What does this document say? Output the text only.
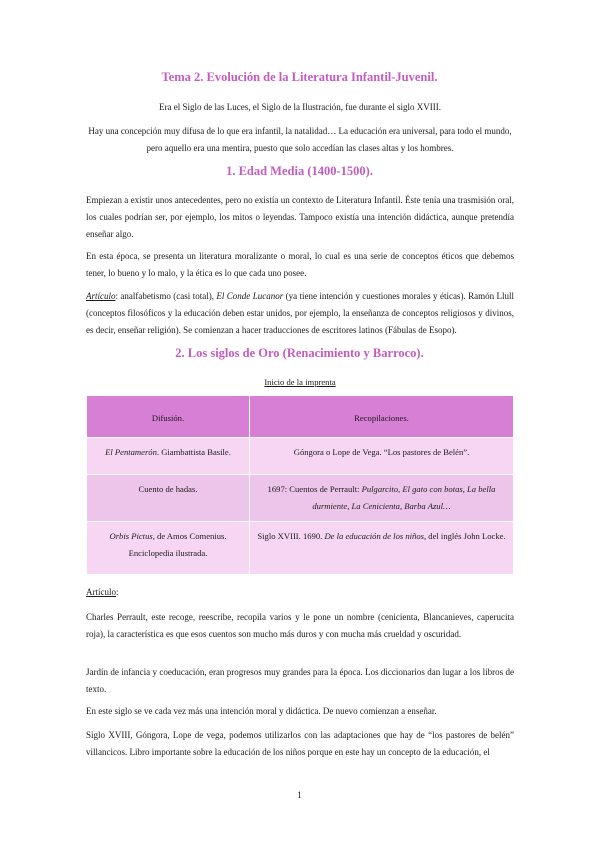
Tema 2. Evolución de la Literatura Infantil-Juvenil.
Era el Siglo de las Luces, el Siglo de la Ilustración, fue durante el siglo XVIII.
Hay una concepción muy difusa de lo que era infantil, la natalidad… La educación era universal, para todo el mundo, pero aquello era una mentira, puesto que solo accedían las clases altas y los hombres.
1. Edad Media (1400-1500).
Empiezan a existir unos antecedentes, pero no existía un contexto de Literatura Infantil. Éste tenía una trasmisión oral, los cuales podrían ser, por ejemplo, los mitos o leyendas. Tampoco existía una intención didáctica, aunque pretendía enseñar algo.
En esta época, se presenta un literatura moralizante o moral, lo cual es una serie de conceptos éticos que debemos tener, lo bueno y lo malo, y la ética es lo que cada uno posee.
Artículo: analfabetismo (casi total), El Conde Lucanor (ya tiene intención y cuestiones morales y éticas). Ramón Llull (conceptos filosóficos y la educación deben estar unidos, por ejemplo, la enseñanza de conceptos religiosos y divinos, es decir, enseñar religión). Se comienzan a hacer traducciones de escritores latinos (Fábulas de Esopo).
2. Los siglos de Oro (Renacimiento y Barroco).
Inicio de la imprenta
Difusión.	Recopilaciones.
El Pentamerón. Giambattista Basile.	Góngora o Lope de Vega. “Los pastores de Belén”.
Cuento de hadas.	1697: Cuentos de Perrault: Pulgarcito, El gato con botas, La bella durmiente, La Cenicienta, Barba Azul…
Orbis Pictus, de Amos Comenius. Enciclopedia ilustrada.	Siglo XVIII. 1690. De la educación de los niños, del inglés John Locke.
Artículo:
Charles Perrault, este recoge, reescribe, recopila varios y le pone un nombre (cenicienta, Blancanieves, caperucita roja), la característica es que esos cuentos son mucho más duros y con mucha más crueldad y oscuridad.
Jardín de infancia y coeducación, eran progresos muy grandes para la época. Los diccionarios dan lugar a los libros de texto.
En este siglo se ve cada vez más una intención moral y didáctica. De nuevo comienzan a enseñar.
Siglo XVIII, Góngora, Lope de vega, podemos utilizarlos con las adaptaciones que hay de “los pastores de belén” villancicos. Libro importante sobre la educación de los niños porque en este hay un concepto de la educación, el
1
